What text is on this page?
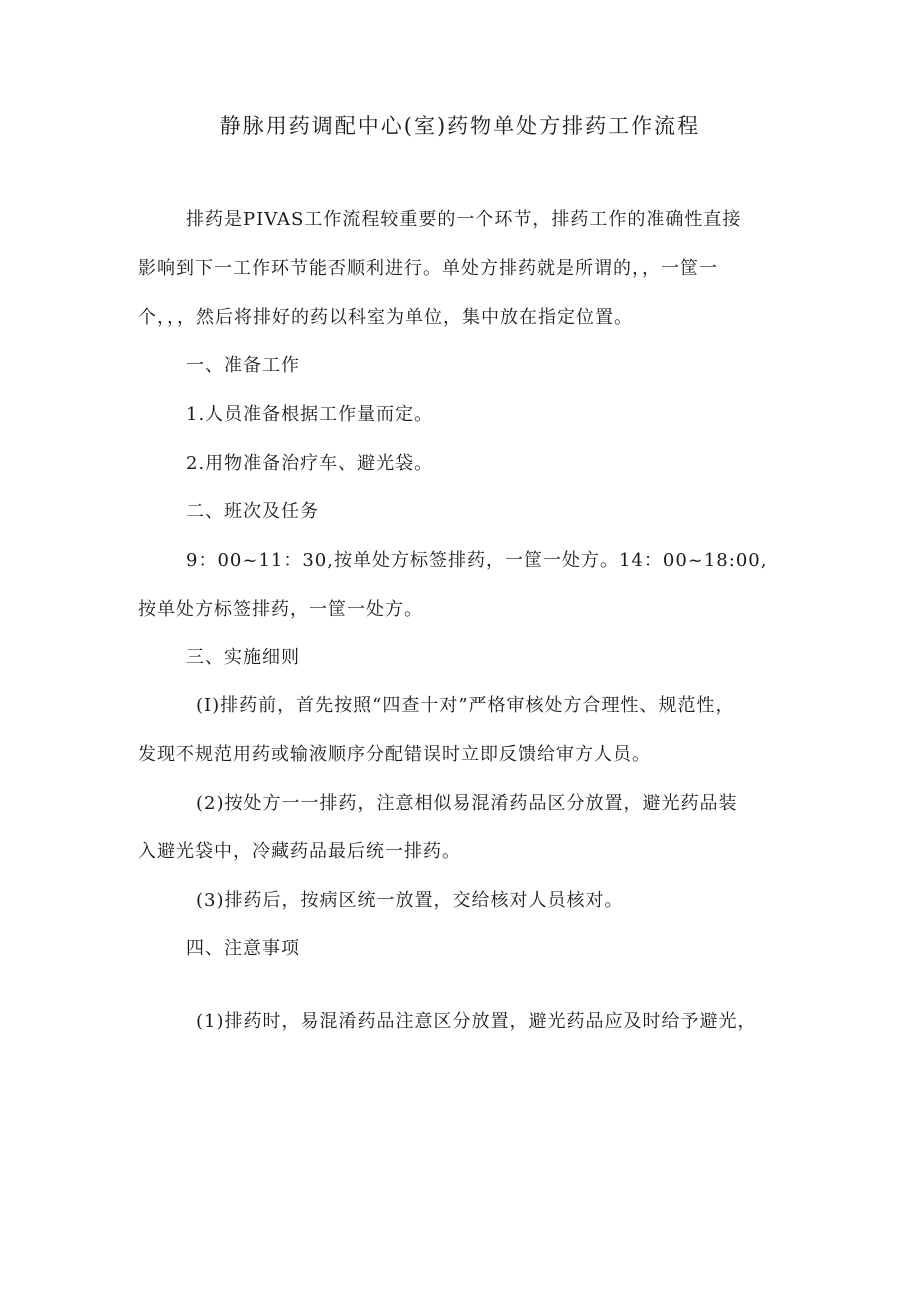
静脉用药调配中心(室)药物单处方排药工作流程
排药是PIVAS工作流程较重要的一个环节，排药工作的准确性直接
影响到下一工作环节能否顺利进行。单处方排药就是所谓的，，一筐一
个，，，然后将排好的药以科室为单位，集中放在指定位置。
一、准备工作
1.人员准备根据工作量而定。
2.用物准备治疗车、避光袋。
二、班次及任务
9：00~11：30,按单处方标签排药，一筐一处方。14：00~18:00,
按单处方标签排药，一筐一处方。
三、实施细则
(I)排药前，首先按照“四查十对”严格审核处方合理性、规范性，
发现不规范用药或输液顺序分配错误时立即反馈给审方人员。
(2)按处方一一排药，注意相似易混淆药品区分放置，避光药品装
入避光袋中，冷藏药品最后统一排药。
(3)排药后，按病区统一放置，交给核对人员核对。
四、注意事项
(1)排药时，易混淆药品注意区分放置，避光药品应及时给予避光，
